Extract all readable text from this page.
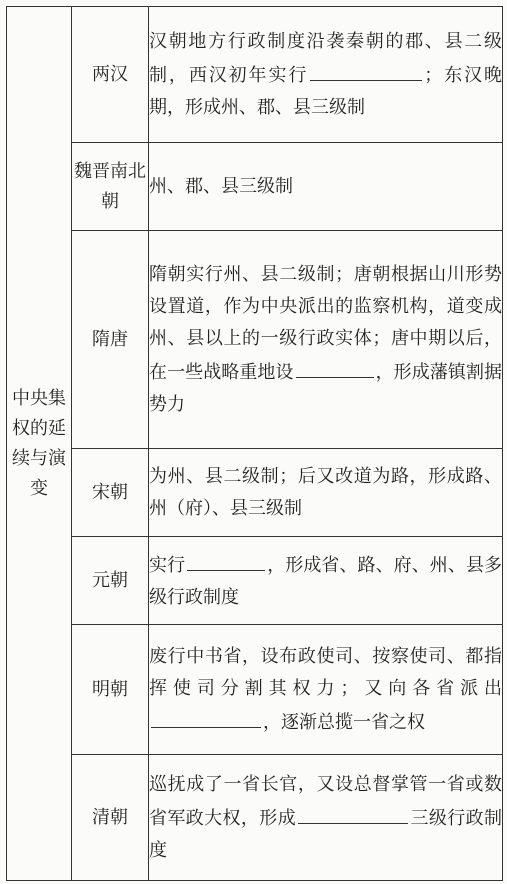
中央集权的延续与演变	两汉	汉朝地方行政制度沿袭秦朝的郡、县二级制，西汉初年实行 ；东汉晚期，形成州、郡、县三级制
	魏晋南北朝	州、郡、县三级制
	隋唐	隋朝实行州、县二级制；唐朝根据山川形势设置道，作为中央派出的监察机构，道变成州、县以上的一级行政实体；唐中期以后，在一些战略重地设 ，形成藩镇割据势力
	宋朝	为州、县二级制；后又改道为路，形成路、州（府）、县三级制
	元朝	实行 ，形成省、路、府、州、县多级行政制度
	明朝	废行中书省，设布政使司、按察使司、都指挥使司分割其权力；又向各省派出，逐渐总揽一省之权
	清朝	巡抚成了一省长官，又设总督掌管一省或数省军政大权，形成 三级行政制度
